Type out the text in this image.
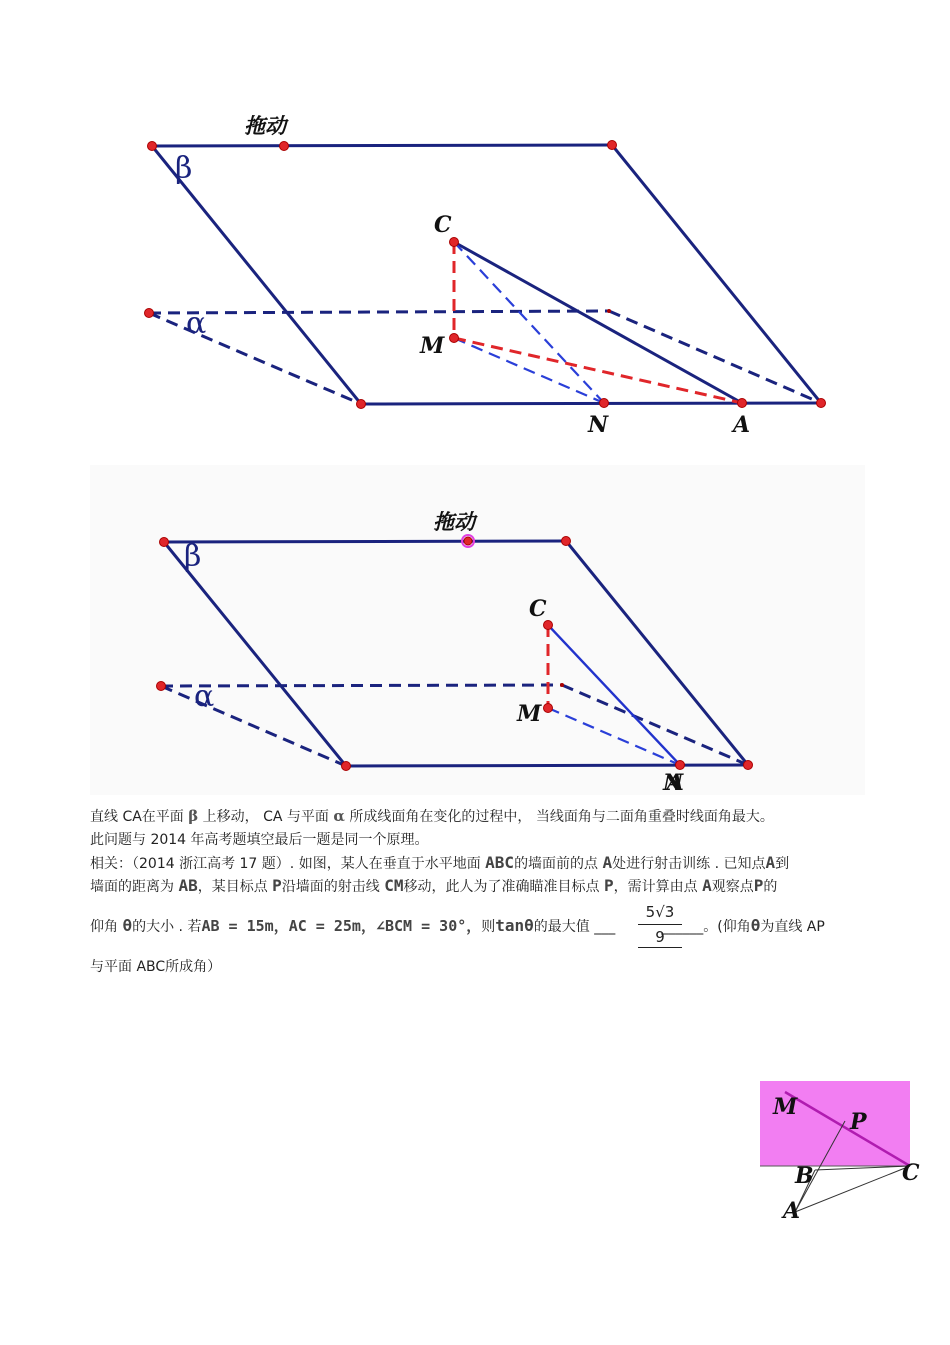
拖动
β
α
C
M
N	A
拖动
β
α
C
M
N A
直线 CA在平面 β 上移动， CA 与平面 α 所成线面角在变化的过程中， 当线面角与二面角重叠时线面角最大。
此问题与 2014 年高考题填空最后一题是同一个原理。
相关：（2014 浙江高考 17 题）. 如图，某人在垂直于水平地面 ABC的墙面前的点 A处进行射击训练 . 已知点A到
墙面的距离为 AB，某目标点 P沿墙面的射击线 CM移动，此人为了准确瞄准目标点 P，需计算由点 A观察点P的
仰角 θ的大小 . 若AB = 15m，AC = 25m，∠BCM = 30°，则tanθ的最大值 ___	______。(仰角θ为直线 AP
$\frac{5√3}{9}$
与平面 ABC所成角）
M
P
B	C
A
